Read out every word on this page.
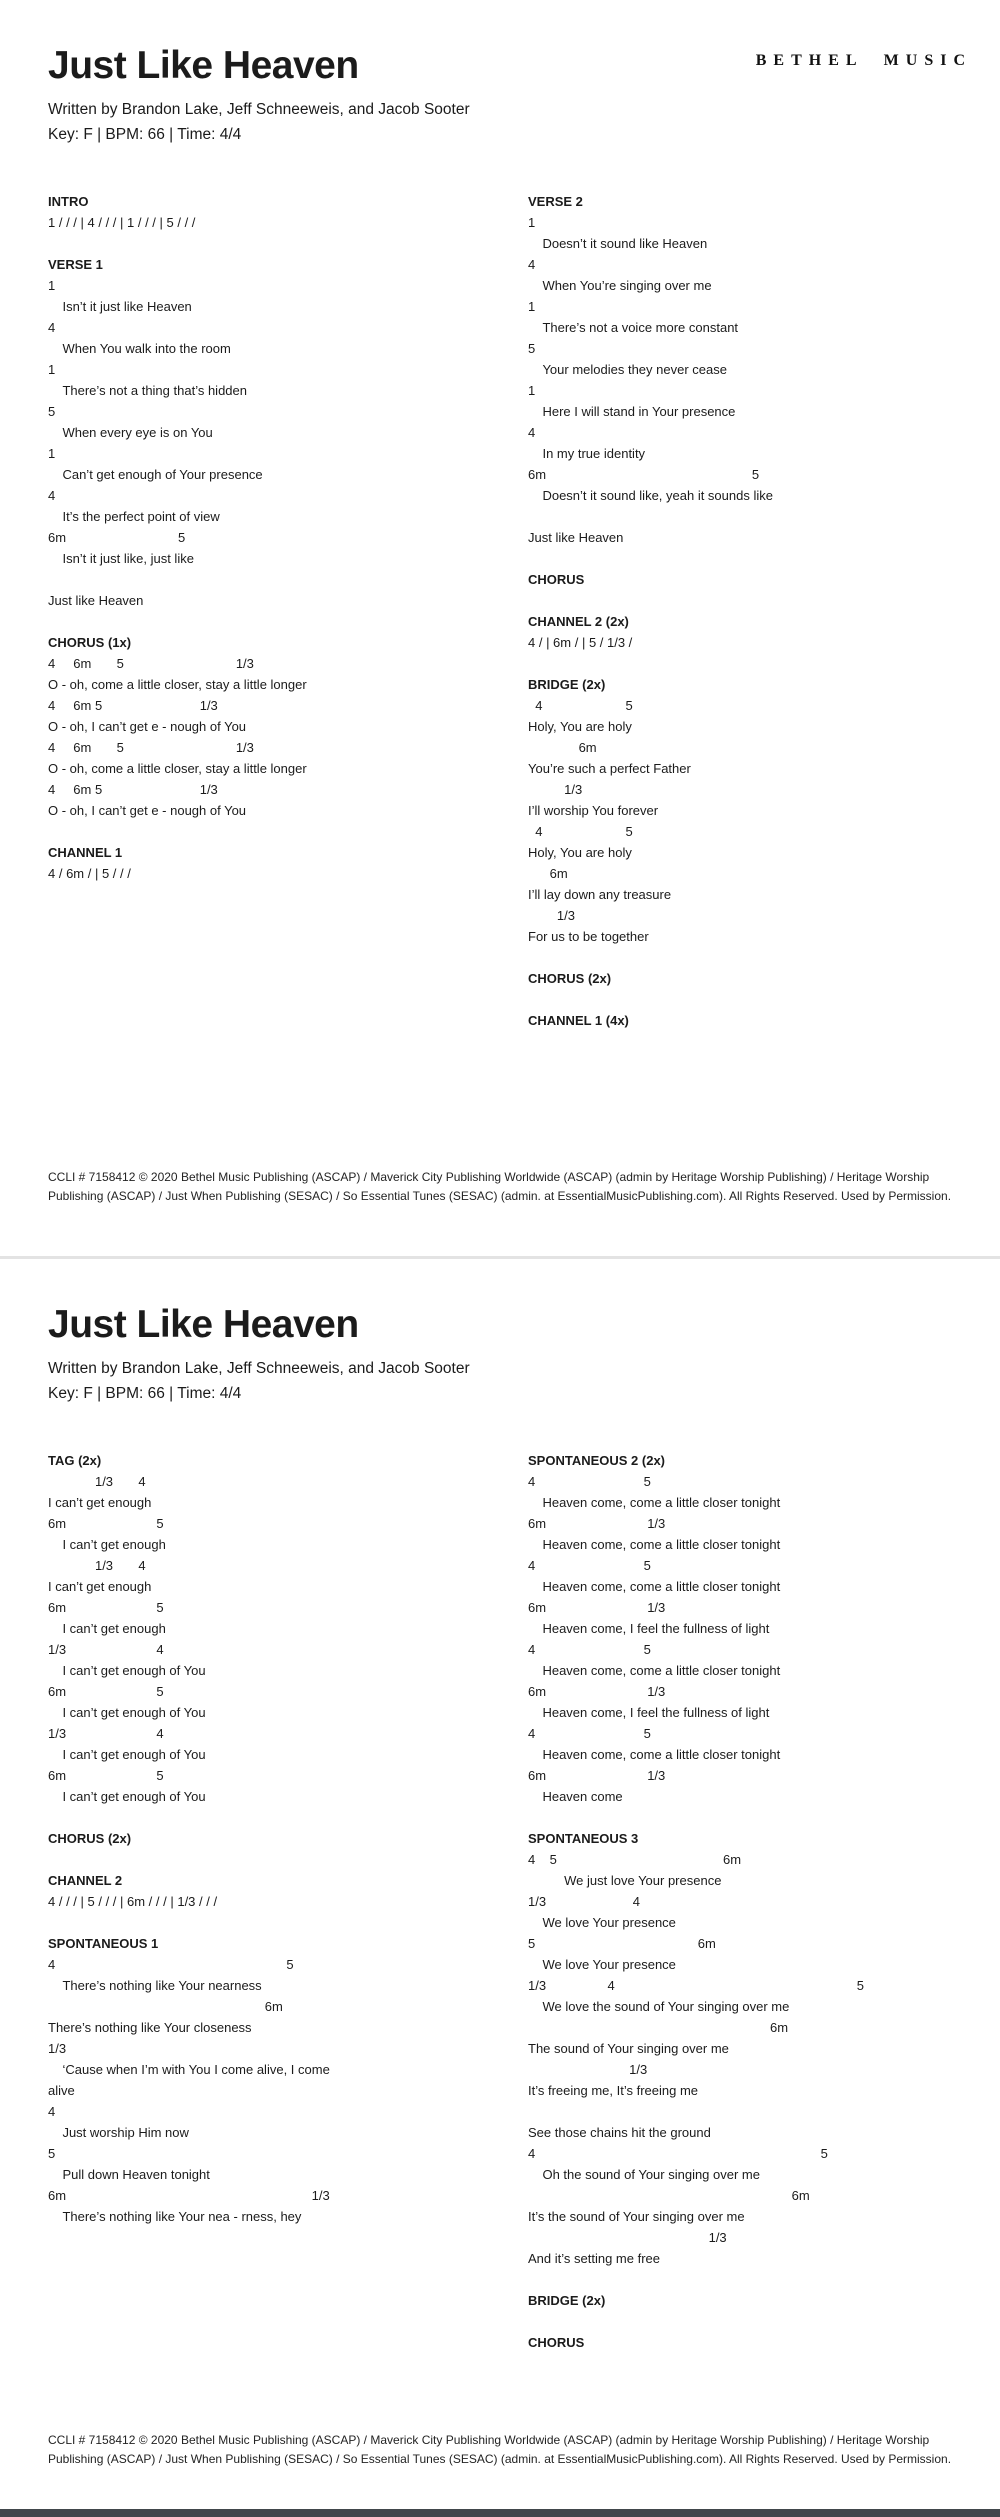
BETHEL MUSIC
Just Like Heaven
Written by Brandon Lake, Jeff Schneeweis, and Jacob Sooter
Key: F | BPM: 66 | Time: 4/4
INTRO
1 / / / | 4 / / / | 1 / / / | 5 / / /
VERSE 1
1
Isn’t it just like Heaven
4
When You walk into the room
1
There’s not a thing that’s hidden
5
When every eye is on You
1
Can’t get enough of Your presence
4
It’s the perfect point of view
6m                               5
Isn’t it just like, just like
Just like Heaven
CHORUS (1x)
4     6m       5                               1/3
O - oh, come a little closer, stay a little longer
4     6m 5                           1/3
O - oh, I can’t get e - nough of You
4     6m       5                               1/3
O - oh, come a little closer, stay a little longer
4     6m 5                           1/3
O - oh, I can’t get e - nough of You
CHANNEL 1
4 / 6m / | 5 / / /
VERSE 2
1
Doesn’t it sound like Heaven
4
When You’re singing over me
1
There’s not a voice more constant
5
Your melodies they never cease
1
Here I will stand in Your presence
4
In my true identity
6m                                                         5
Doesn’t it sound like, yeah it sounds like
Just like Heaven
CHORUS
CHANNEL 2 (2x)
4 / | 6m / | 5 / 1/3 /
BRIDGE (2x)
4                       5
Holy, You are holy
6m
You’re such a perfect Father
1/3
I’ll worship You forever
4                       5
Holy, You are holy
6m
I’ll lay down any treasure
1/3
For us to be together
CHORUS (2x)
CHANNEL 1 (4x)
CCLI # 7158412 © 2020 Bethel Music Publishing (ASCAP) / Maverick City Publishing Worldwide (ASCAP) (admin by Heritage Worship Publishing) / Heritage Worship Publishing (ASCAP) / Just When Publishing (SESAC) / So Essential Tunes (SESAC) (admin. at EssentialMusicPublishing.com). All Rights Reserved. Used by Permission.
Just Like Heaven
Written by Brandon Lake, Jeff Schneeweis, and Jacob Sooter
Key: F | BPM: 66 | Time: 4/4
TAG (2x)
1/3       4
I can’t get enough
6m                         5
I can’t get enough
1/3       4
I can’t get enough
6m                         5
I can’t get enough
1/3                         4
I can’t get enough of You
6m                         5
I can’t get enough of You
1/3                         4
I can’t get enough of You
6m                         5
I can’t get enough of You
CHORUS (2x)
CHANNEL 2
4 / / / | 5 / / / | 6m / / / | 1/3 / / /
SPONTANEOUS 1
4                                                                5
There’s nothing like Your nearness
6m
There’s nothing like Your closeness
1/3
‘Cause when I’m with You I come alive, I come
alive
4
Just worship Him now
5
Pull down Heaven tonight
6m                                                                    1/3
There’s nothing like Your nea - rness, hey
SPONTANEOUS 2 (2x)
4                              5
Heaven come, come a little closer tonight
6m                            1/3
Heaven come, come a little closer tonight
4                              5
Heaven come, come a little closer tonight
6m                            1/3
Heaven come, I feel the fullness of light
4                              5
Heaven come, come a little closer tonight
6m                            1/3
Heaven come, I feel the fullness of light
4                              5
Heaven come, come a little closer tonight
6m                            1/3
Heaven come
SPONTANEOUS 3
4    5                                              6m
We just love Your presence
1/3                        4
We love Your presence
5                                             6m
We love Your presence
1/3                 4                                                                   5
We love the sound of Your singing over me
6m
The sound of Your singing over me
1/3
It’s freeing me, It’s freeing me
See those chains hit the ground
4                                                                               5
Oh the sound of Your singing over me
6m
It’s the sound of Your singing over me
1/3
And it’s setting me free
BRIDGE (2x)
CHORUS
CCLI # 7158412 © 2020 Bethel Music Publishing (ASCAP) / Maverick City Publishing Worldwide (ASCAP) (admin by Heritage Worship Publishing) / Heritage Worship Publishing (ASCAP) / Just When Publishing (SESAC) / So Essential Tunes (SESAC) (admin. at EssentialMusicPublishing.com). All Rights Reserved. Used by Permission.
